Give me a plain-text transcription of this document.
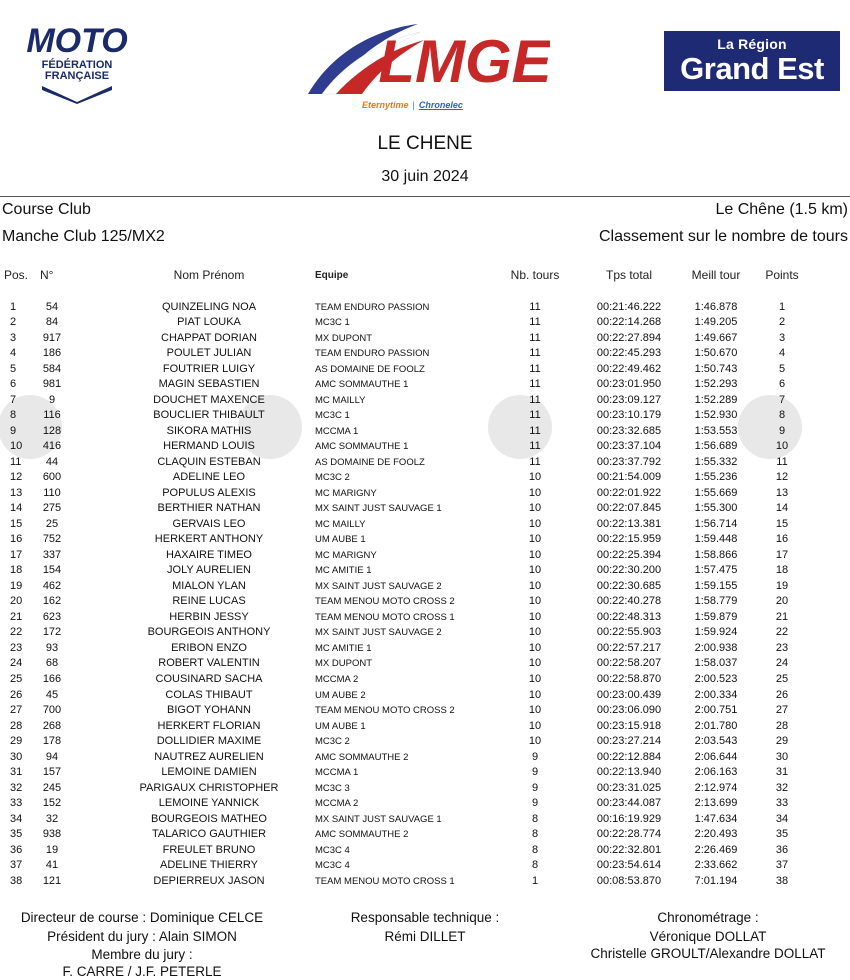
MOTO
FÉDÉRATION
FRANÇAISE	LMGE
Eternytime | Chronelec
La Région
Grand Est
LE CHENE
30 juin 2024
Course Club	Le Chêne (1.5 km)
Manche Club 125/MX2	Classement sur le nombre de tours
Pos. N°	Nom Prénom	Equipe	Nb. tours	Tps total	Meill tour	Points
1	54	QUINZELING NOA	TEAM ENDURO PASSION	11	00:21:46.222	1:46.878	1
2	84	PIAT LOUKA	MC3C 1	11	00:22:14.268	1:49.205	2
3	917	CHAPPAT DORIAN	MX DUPONT	11	00:22:27.894	1:49.667	3
4	186	POULET JULIAN	TEAM ENDURO PASSION	11	00:22:45.293	1:50.670	4
5	584	FOUTRIER LUIGY	AS DOMAINE DE FOOLZ	11	00:22:49.462	1:50.743	5
6	981	MAGIN SEBASTIEN	AMC SOMMAUTHE 1	11	00:23:01.950	1:52.293	6
7	9	DOUCHET MAXENCE	MC MAILLY	11	00:23:09.127	1:52.289	7
8	116	BOUCLIER THIBAULT	MC3C 1	11	00:23:10.179	1:52.930	8
9	128	SIKORA MATHIS	MCCMA 1	11	00:23:32.685	1:53.553	9
10	416	HERMAND LOUIS	AMC SOMMAUTHE 1	11	00:23:37.104	1:56.689	10
11	44	CLAQUIN ESTEBAN	AS DOMAINE DE FOOLZ	11	00:23:37.792	1:55.332	11
12	600	ADELINE LEO	MC3C 2	10	00:21:54.009	1:55.236	12
13	110	POPULUS ALEXIS	MC MARIGNY	10	00:22:01.922	1:55.669	13
14	275	BERTHIER NATHAN	MX SAINT JUST SAUVAGE 1	10	00:22:07.845	1:55.300	14
15	25	GERVAIS LEO	MC MAILLY	10	00:22:13.381	1:56.714	15
16	752	HERKERT ANTHONY	UM AUBE 1	10	00:22:15.959	1:59.448	16
17	337	HAXAIRE TIMEO	MC MARIGNY	10	00:22:25.394	1:58.866	17
18	154	JOLY AURELIEN	MC AMITIE 1	10	00:22:30.200	1:57.475	18
19	462	MIALON YLAN	MX SAINT JUST SAUVAGE 2	10	00:22:30.685	1:59.155	19
20	162	REINE LUCAS	TEAM MENOU MOTO CROSS 2	10	00:22:40.278	1:58.779	20
21	623	HERBIN JESSY	TEAM MENOU MOTO CROSS 1	10	00:22:48.313	1:59.879	21
22	172	BOURGEOIS ANTHONY	MX SAINT JUST SAUVAGE 2	10	00:22:55.903	1:59.924	22
23	93	ERIBON ENZO	MC AMITIE 1	10	00:22:57.217	2:00.938	23
24	68	ROBERT VALENTIN	MX DUPONT	10	00:22:58.207	1:58.037	24
25	166	COUSINARD SACHA	MCCMA 2	10	00:22:58.870	2:00.523	25
26	45	COLAS THIBAUT	UM AUBE 2	10	00:23:00.439	2:00.334	26
27	700	BIGOT YOHANN	TEAM MENOU MOTO CROSS 2	10	00:23:06.090	2:00.751	27
28	268	HERKERT FLORIAN	UM AUBE 1	10	00:23:15.918	2:01.780	28
29	178	DOLLIDIER MAXIME	MC3C 2	10	00:23:27.214	2:03.543	29
30	94	NAUTREZ AURELIEN	AMC SOMMAUTHE 2	9	00:22:12.884	2:06.644	30
31	157	LEMOINE DAMIEN	MCCMA 1	9	00:22:13.940	2:06.163	31
32	245	PARIGAUX CHRISTOPHER	MC3C 3	9	00:23:31.025	2:12.974	32
33	152	LEMOINE YANNICK	MCCMA 2	9	00:23:44.087	2:13.699	33
34	32	BOURGEOIS MATHEO	MX SAINT JUST SAUVAGE 1	8	00:16:19.929	1:47.634	34
35	938	TALARICO GAUTHIER	AMC SOMMAUTHE 2	8	00:22:28.774	2:20.493	35
36	19	FREULET BRUNO	MC3C 4	8	00:22:32.801	2:26.469	36
37	41	ADELINE THIERRY	MC3C 4	8	00:23:54.614	2:33.662	37
38	121	DEPIERREUX JASON	TEAM MENOU MOTO CROSS 1	1	00:08:53.870	7:01.194	38
Directeur de course : Dominique CELCE
Président du jury : Alain SIMON
Membre du jury :
F. CARRE / J.F. PETERLE
Responsable technique :
Rémi DILLET
Chronométrage :
Véronique DOLLAT
Christelle GROULT/Alexandre DOLLAT
